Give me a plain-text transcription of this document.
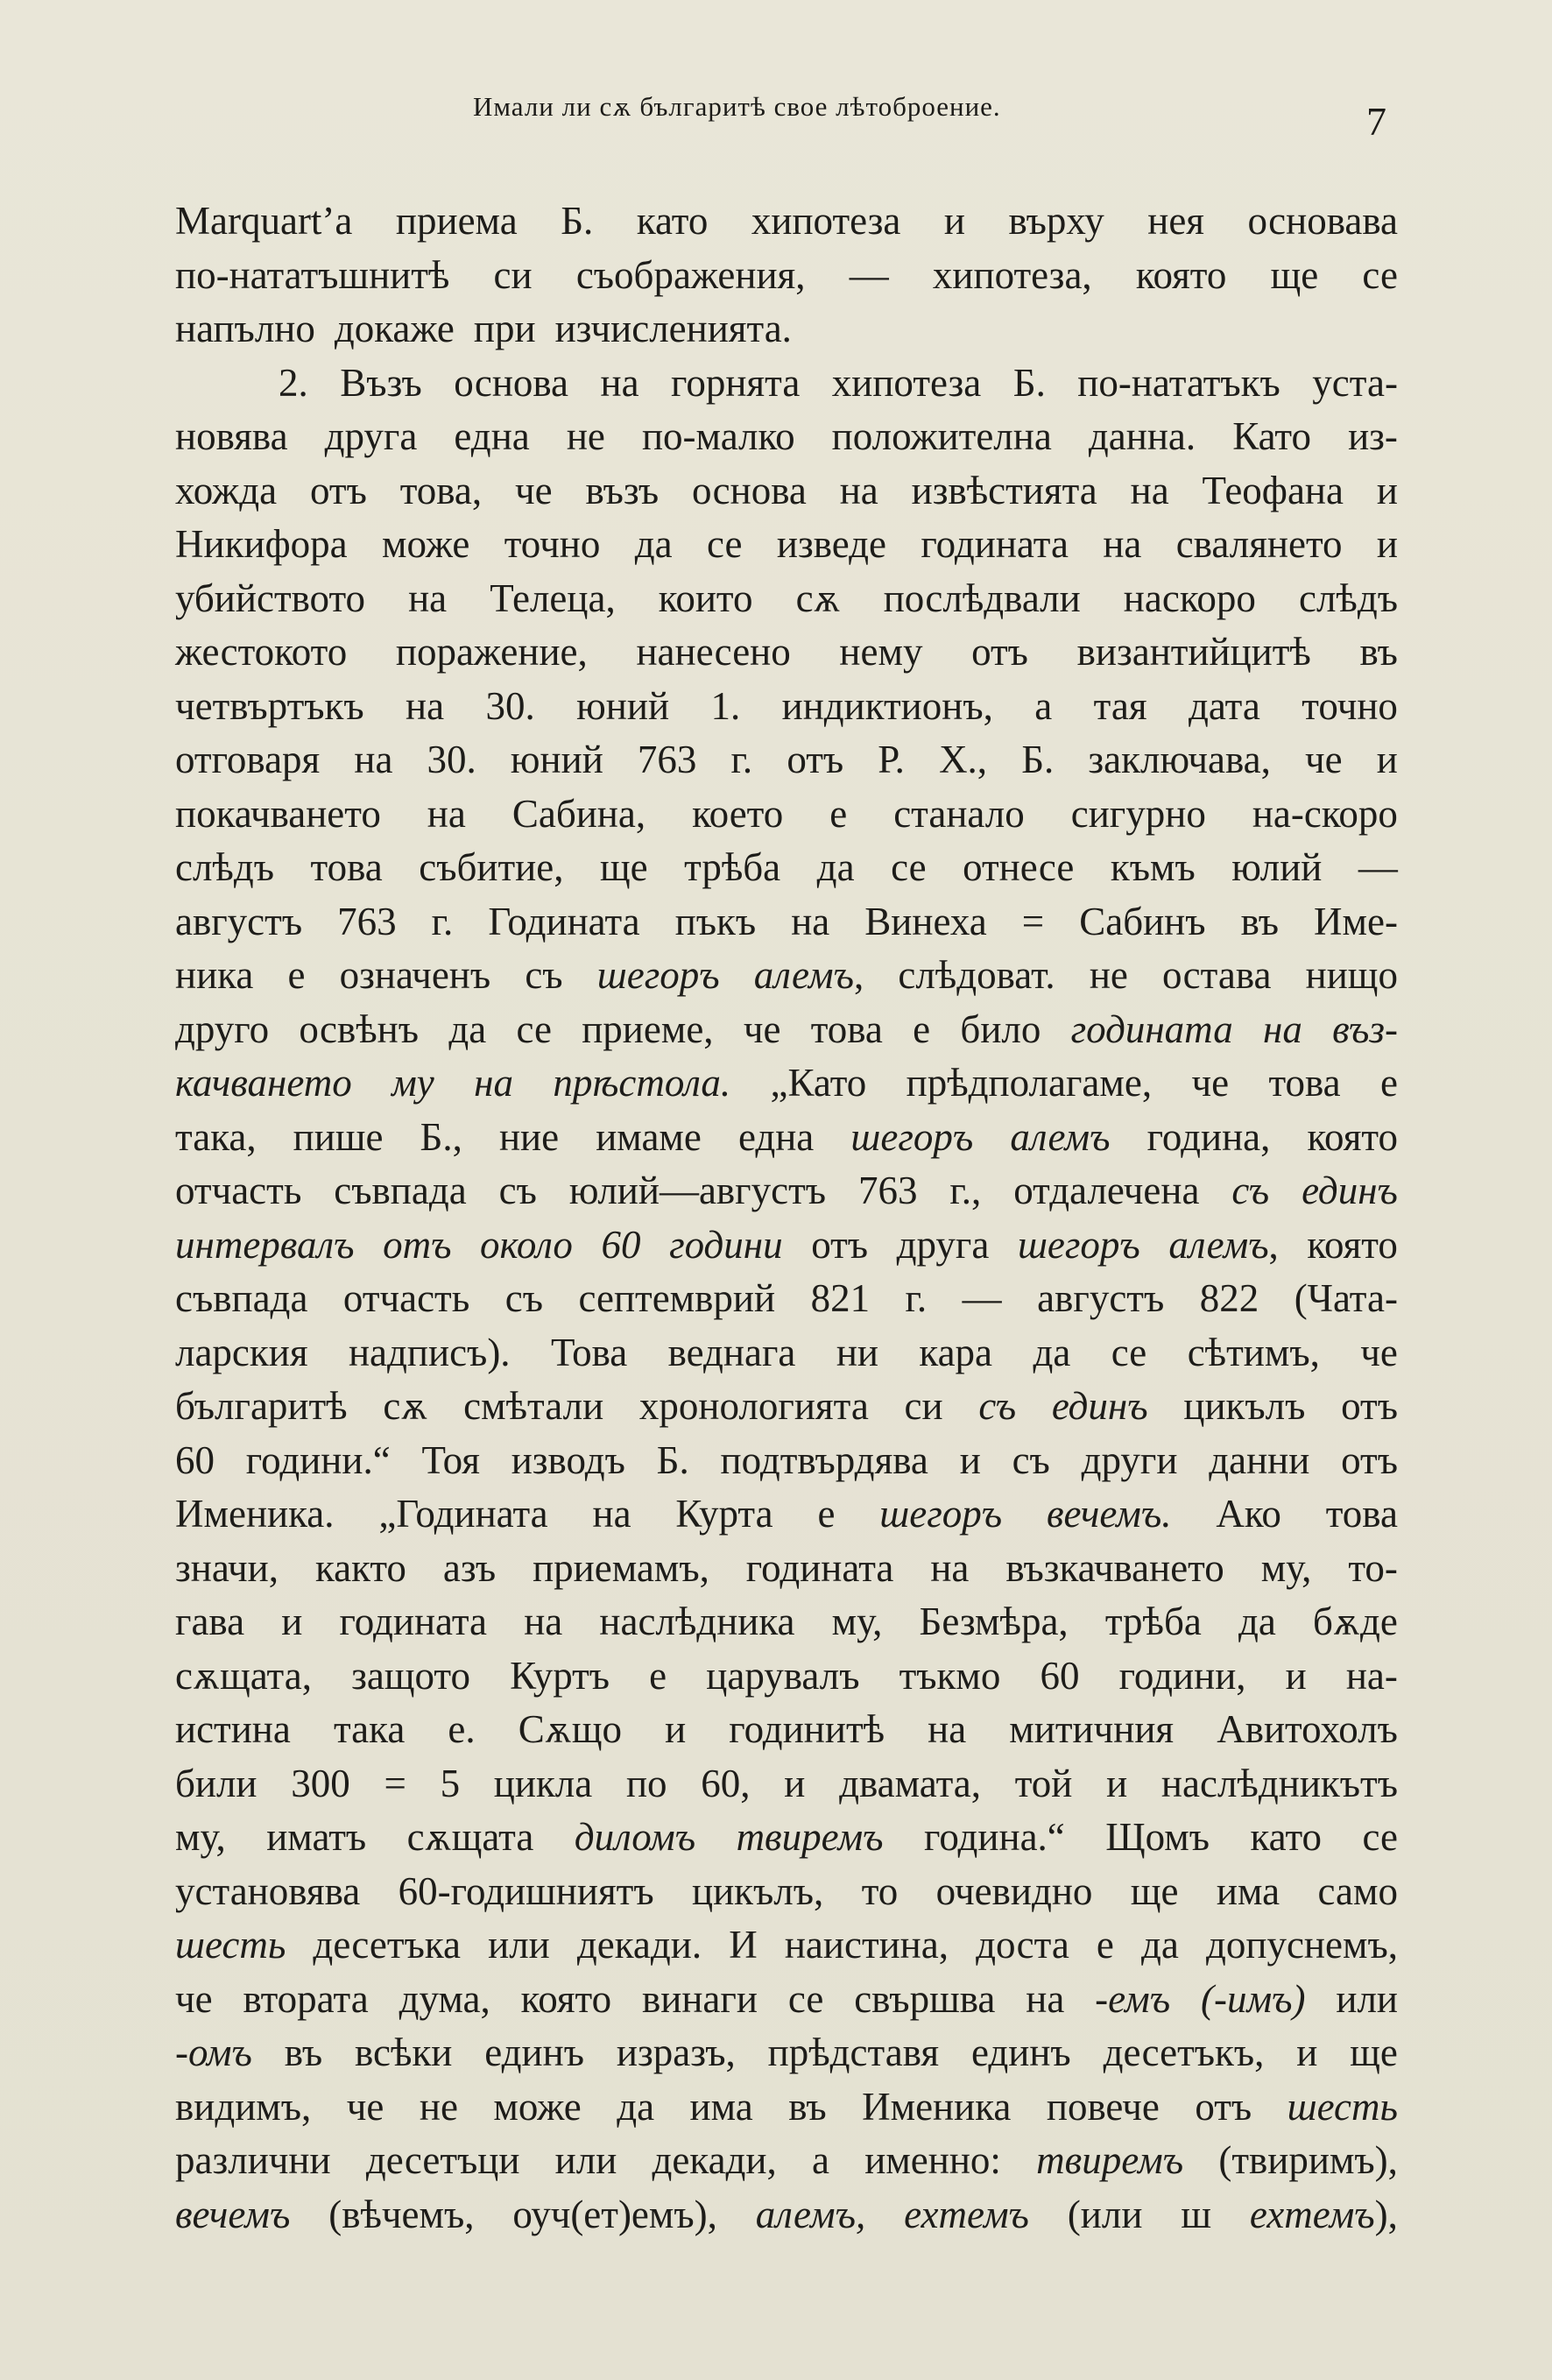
Имали ли сѫ българитѣ свое лѣтоброение.	7
Marquart’а приема Б. като хипотеза и върху нея основава
по-нататъшнитѣ си съображения, — хипотеза, която ще се
напълно докаже при изчисленията.
2. Възъ основа на горнята хипотеза Б. по-нататъкъ уста-
новява друга една не по-малко положителна данна. Като из-
хожда отъ това, че възъ основа на извѣстията на Теофана и
Никифора може точно да се изведе годината на свалянето и
убийството на Телеца, които сѫ послѣдвали наскоро слѣдъ
жестокото поражение, нанесено нему отъ византийцитѣ въ
четвъртъкъ на 30. юний 1. индиктионъ, а тая дата точно
отговаря на 30. юний 763 г. отъ Р. Х., Б. заключава, че и
покачването на Сабина, което е станало сигурно на-скоро
слѣдъ това събитие, ще трѣба да се отнесе къмъ юлий —
августъ 763 г. Годината пъкъ на Винеха = Сабинъ въ Име-
ника е означенъ съ шегоръ алемъ, слѣдоват. не остава нищо
друго освѣнъ да се приеме, че това е било годината на въз-
качването му на прѣстола. „Като прѣдполагаме, че това е
така, пише Б., ние имаме една шегоръ алемъ година, която
отчасть съвпада съ юлий—августъ 763 г., отдалечена съ единъ
интервалъ отъ около 60 години отъ друга шегоръ алемъ, която
съвпада отчасть съ септемврий 821 г. — августъ 822 (Чата-
ларския надписъ). Това веднага ни кара да се сѣтимъ, че
българитѣ сѫ смѣтали хронологията си съ единъ цикълъ отъ
60 години.“ Тоя изводъ Б. подтвърдява и съ други данни отъ
Именика. „Годината на Курта е шегоръ вечемъ. Ако това
значи, както азъ приемамъ, годината на възкачването му, то-
гава и годината на наслѣдника му, Безмѣра, трѣба да бѫде
сѫщата, защото Куртъ е царувалъ тъкмо 60 години, и на-
истина така е. Сѫщо и годинитѣ на митичния Авитохолъ
били 300 = 5 цикла по 60, и двамата, той и наслѣдникътъ
му, иматъ сѫщата диломъ твиремъ година.“ Щомъ като се
установява 60-годишниятъ цикълъ, то очевидно ще има само
шесть десетъка или декади. И наистина, доста е да допуснемъ,
че втората дума, която винаги се свършва на -емъ (-имъ) или
-омъ въ всѣки единъ изразъ, прѣдставя единъ десетъкъ, и ще
видимъ, че не може да има въ Именика повече отъ шесть
различни десетъци или декади, а именно: твиремъ (твиримъ),
вечемъ (вѣчемъ, оуч(ет)емъ), алемъ, ехтемъ (или ш ехтемъ),
